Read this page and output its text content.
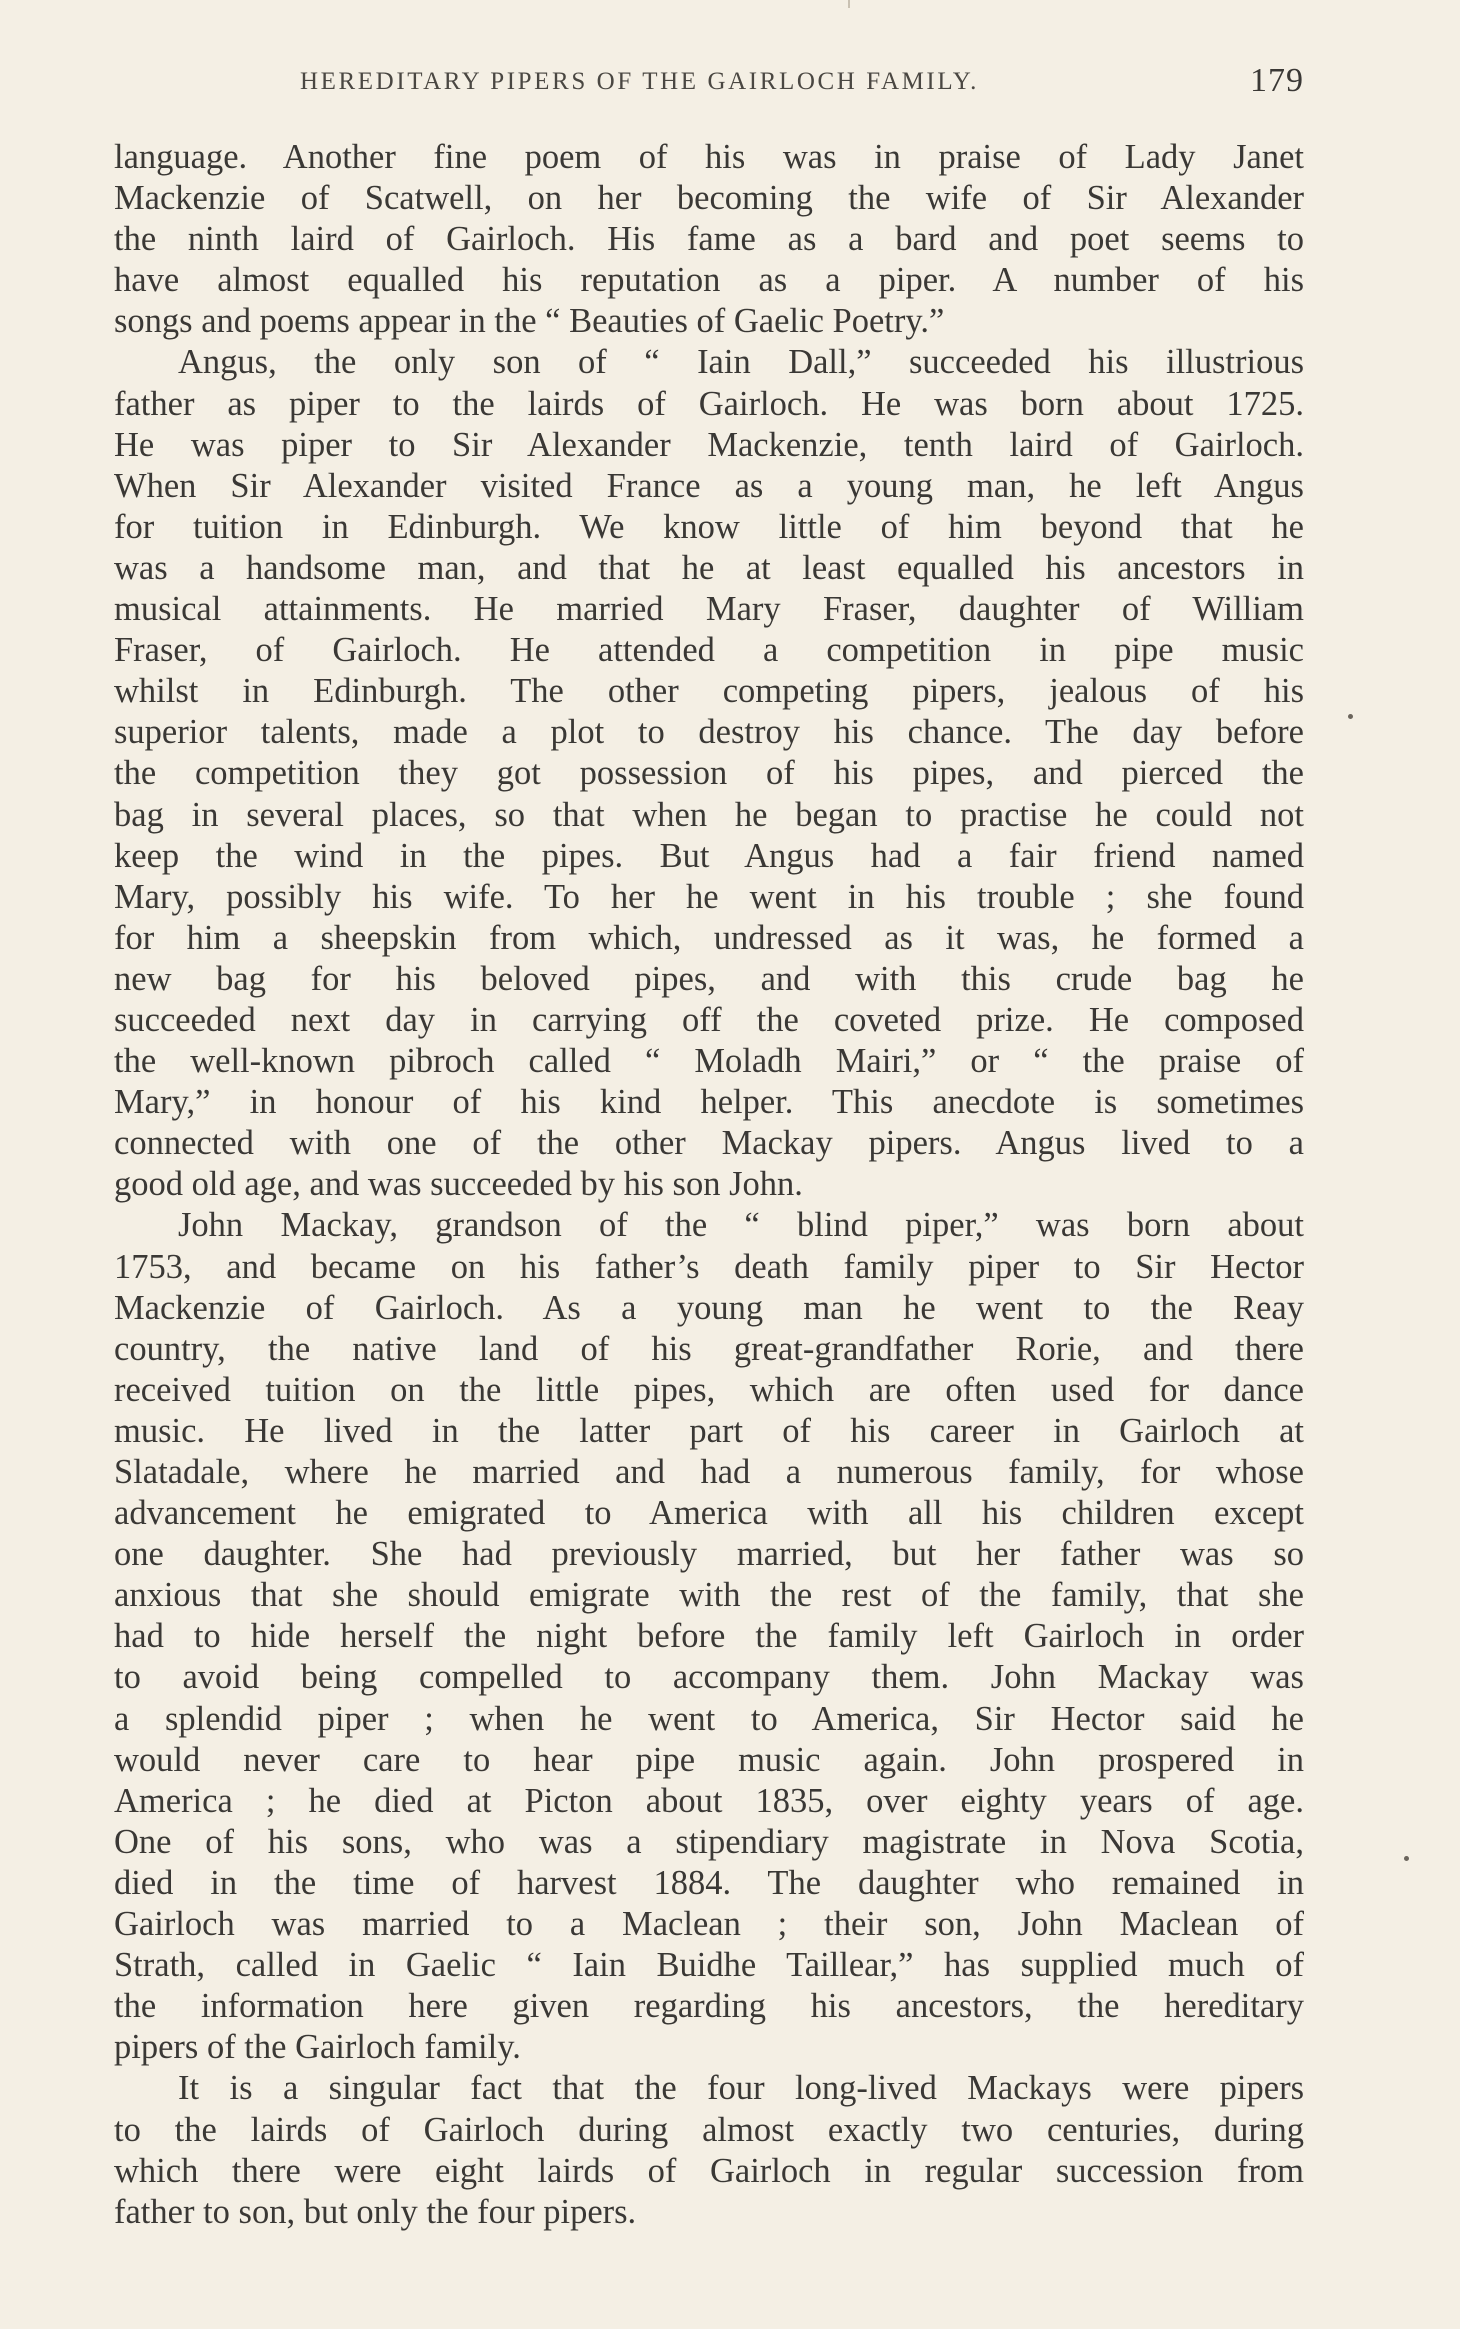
HEREDITARY PIPERS OF THE GAIRLOCH FAMILY.	179
language. Another fine poem of his was in praise of Lady Janet
Mackenzie of Scatwell, on her becoming the wife of Sir Alexander
the ninth laird of Gairloch. His fame as a bard and poet seems to
have almost equalled his reputation as a piper. A number of his
songs and poems appear in the “ Beauties of Gaelic Poetry.”
Angus, the only son of “ Iain Dall,” succeeded his illustrious
father as piper to the lairds of Gairloch. He was born about 1725.
He was piper to Sir Alexander Mackenzie, tenth laird of Gairloch.
When Sir Alexander visited France as a young man, he left Angus
for tuition in Edinburgh. We know little of him beyond that he
was a handsome man, and that he at least equalled his ancestors in
musical attainments. He married Mary Fraser, daughter of William
Fraser, of Gairloch. He attended a competition in pipe music
whilst in Edinburgh. The other competing pipers, jealous of his
superior talents, made a plot to destroy his chance. The day before
the competition they got possession of his pipes, and pierced the
bag in several places, so that when he began to practise he could not
keep the wind in the pipes. But Angus had a fair friend named
Mary, possibly his wife. To her he went in his trouble ; she found
for him a sheepskin from which, undressed as it was, he formed a
new bag for his beloved pipes, and with this crude bag he
succeeded next day in carrying off the coveted prize. He composed
the well-known pibroch called “ Moladh Mairi,” or “ the praise of
Mary,” in honour of his kind helper. This anecdote is sometimes
connected with one of the other Mackay pipers. Angus lived to a
good old age, and was succeeded by his son John.
John Mackay, grandson of the “ blind piper,” was born about
1753, and became on his father’s death family piper to Sir Hector
Mackenzie of Gairloch. As a young man he went to the Reay
country, the native land of his great-grandfather Rorie, and there
received tuition on the little pipes, which are often used for dance
music. He lived in the latter part of his career in Gairloch at
Slatadale, where he married and had a numerous family, for whose
advancement he emigrated to America with all his children except
one daughter. She had previously married, but her father was so
anxious that she should emigrate with the rest of the family, that she
had to hide herself the night before the family left Gairloch in order
to avoid being compelled to accompany them. John Mackay was
a splendid piper ; when he went to America, Sir Hector said he
would never care to hear pipe music again. John prospered in
America ; he died at Picton about 1835, over eighty years of age.
One of his sons, who was a stipendiary magistrate in Nova Scotia,
died in the time of harvest 1884. The daughter who remained in
Gairloch was married to a Maclean ; their son, John Maclean of
Strath, called in Gaelic “ Iain Buidhe Taillear,” has supplied much of
the information here given regarding his ancestors, the hereditary
pipers of the Gairloch family.
It is a singular fact that the four long-lived Mackays were pipers
to the lairds of Gairloch during almost exactly two centuries, during
which there were eight lairds of Gairloch in regular succession from
father to son, but only the four pipers.
